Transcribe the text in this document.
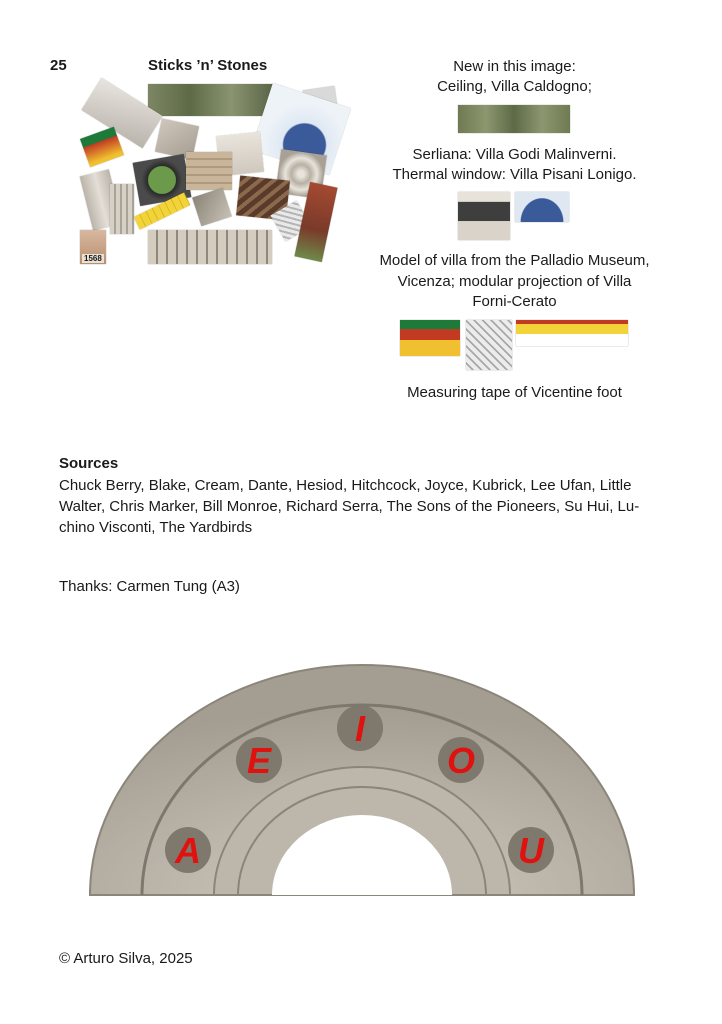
25	Sticks ’n’ Stones
1568
New in this image:
Ceiling, Villa Caldogno;
Serliana: Villa Godi Malinverni.
Thermal window: Villa Pisani Lonigo.
Model of villa from the Palladio Museum,
Vicenza; modular projection of Villa
Forni-Cerato
Measuring tape of Vicentine foot
Sources
Chuck Berry, Blake, Cream, Dante, Hesiod, Hitchcock, Joyce, Kubrick, Lee Ufan, Little
Walter, Chris Marker, Bill Monroe, Richard Serra, The Sons of the Pioneers, Su Hui, Lu-
chino Visconti, The Yardbirds
Thanks: Carmen Tung (A3)
A
E
I
O
U
© Arturo Silva, 2025
